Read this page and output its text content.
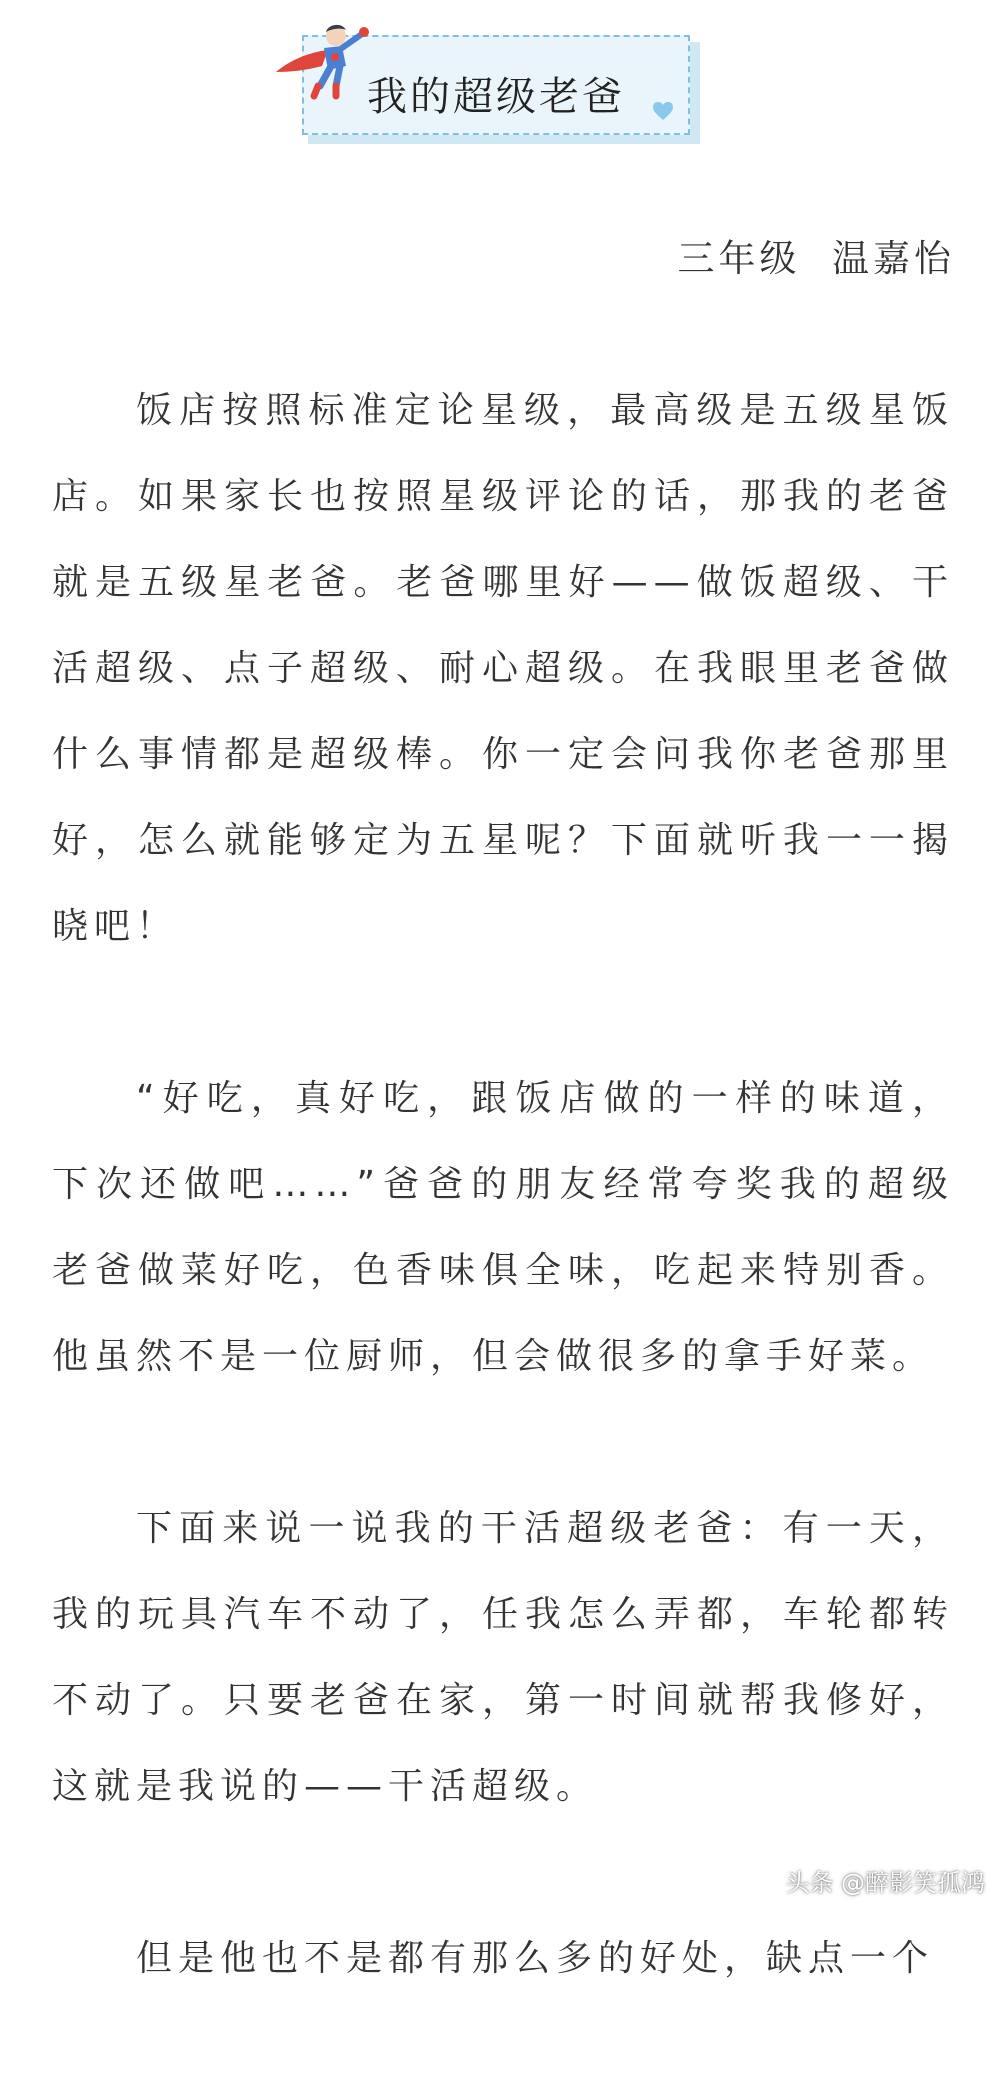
我的超级老爸
三年级  温嘉怡

饭店按照标准定论星级，最高级是五级星饭店。如果家长也按照星级评论的话，那我的老爸就是五级星老爸。老爸哪里好——做饭超级、干活超级、点子超级、耐心超级。在我眼里老爸做什么事情都是超级棒。你一定会问我你老爸那里好，怎么就能够定为五星呢？下面就听我一一揭晓吧！

“好吃，真好吃，跟饭店做的一样的味道，下次还做吧……”爸爸的朋友经常夸奖我的超级老爸做菜好吃，色香味俱全味，吃起来特别香。他虽然不是一位厨师，但会做很多的拿手好菜。

下面来说一说我的干活超级老爸：有一天，我的玩具汽车不动了，任我怎么弄都，车轮都转不动了。只要老爸在家，第一时间就帮我修好，这就是我说的——干活超级。

但是他也不是都有那么多的好处，缺点一个

头条 @醉影笑孤鸿
